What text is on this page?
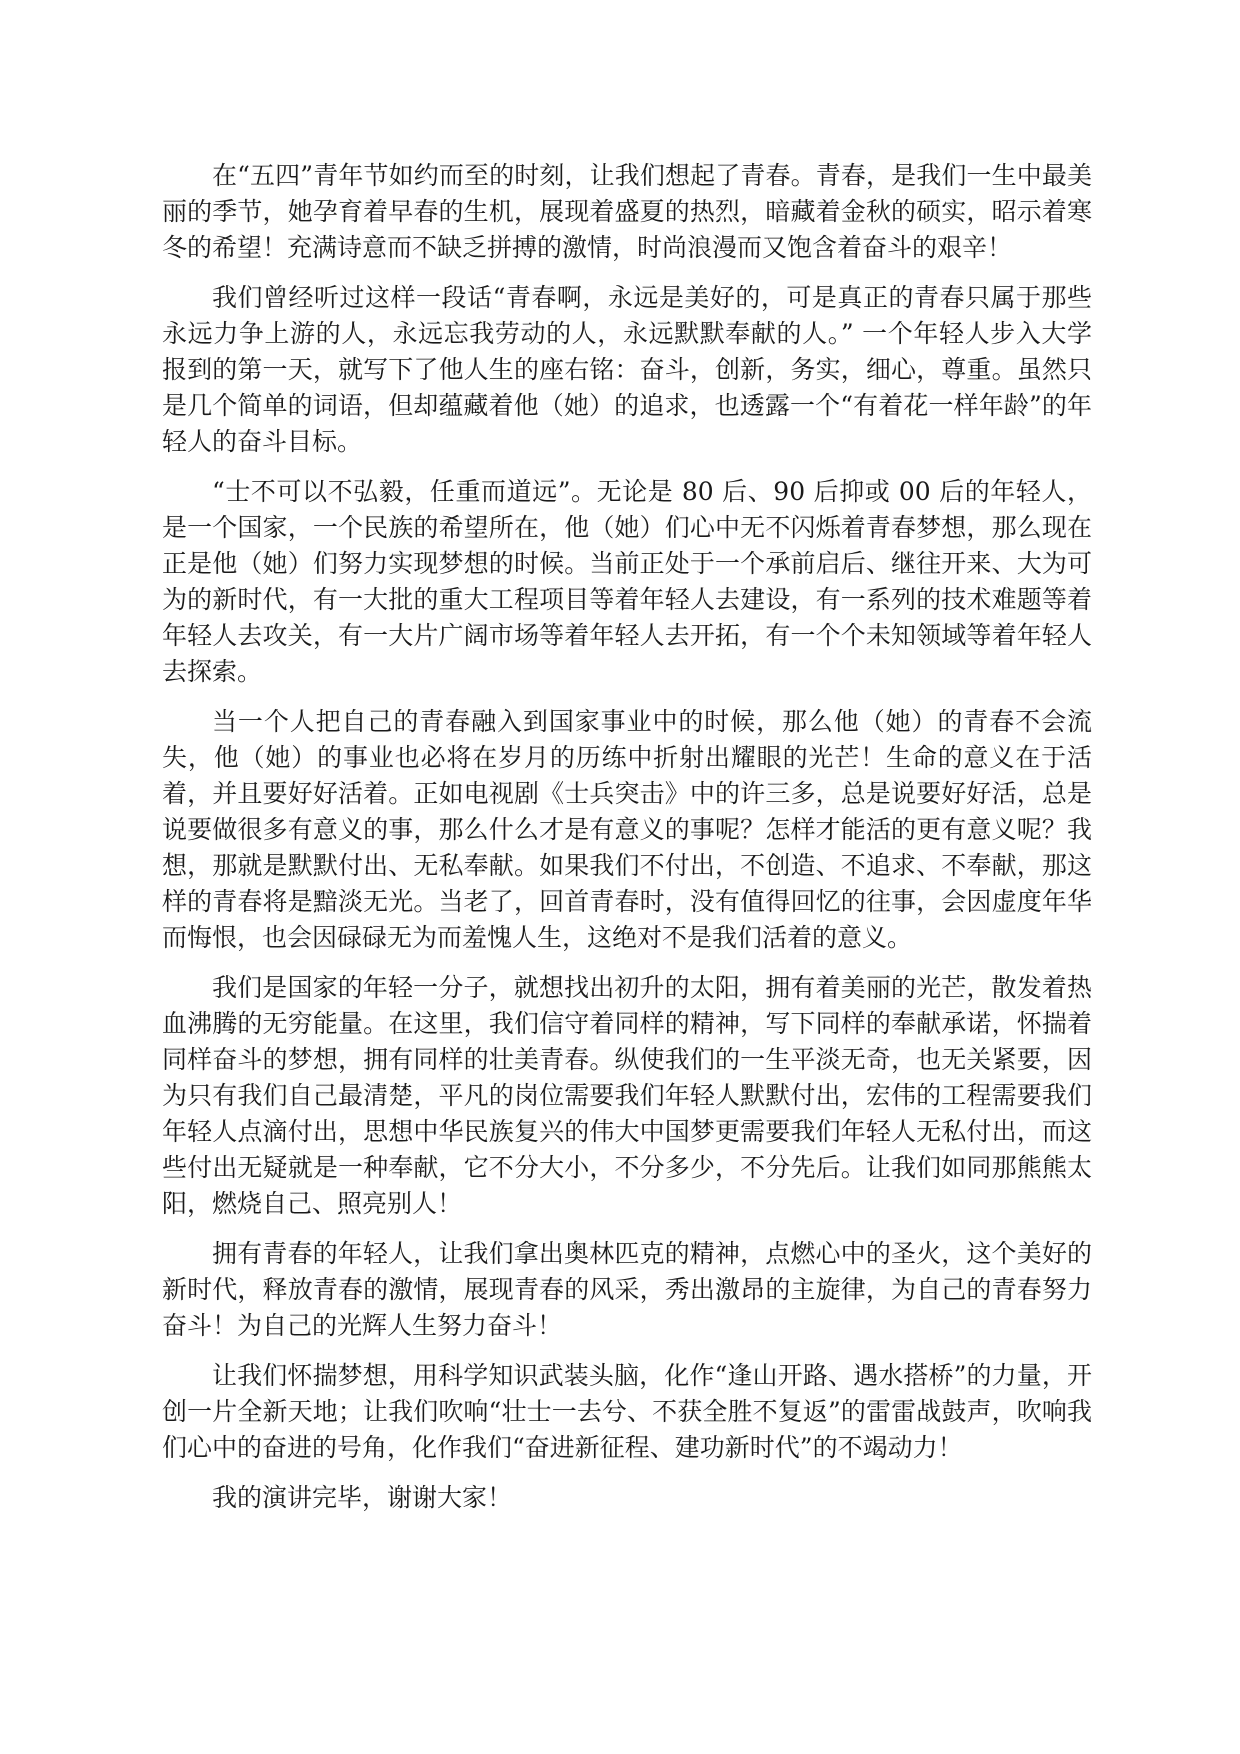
在“五四”青年节如约而至的时刻，让我们想起了青春。青春，是我们一生中最美丽的季节，她孕育着早春的生机，展现着盛夏的热烈，暗藏着金秋的硕实，昭示着寒冬的希望！充满诗意而不缺乏拼搏的激情，时尚浪漫而又饱含着奋斗的艰辛！

我们曾经听过这样一段话“青春啊，永远是美好的，可是真正的青春只属于那些永远力争上游的人，永远忘我劳动的人，永远默默奉献的人。” 一个年轻人步入大学报到的第一天，就写下了他人生的座右铭：奋斗，创新，务实，细心，尊重。虽然只是几个简单的词语，但却蕴藏着他（她）的追求，也透露一个“有着花一样年龄”的年轻人的奋斗目标。

“士不可以不弘毅，任重而道远”。无论是 80 后、90 后抑或 00 后的年轻人，是一个国家，一个民族的希望所在，他（她）们心中无不闪烁着青春梦想，那么现在正是他（她）们努力实现梦想的时候。当前正处于一个承前启后、继往开来、大为可为的新时代，有一大批的重大工程项目等着年轻人去建设，有一系列的技术难题等着年轻人去攻关，有一大片广阔市场等着年轻人去开拓，有一个个未知领域等着年轻人去探索。

当一个人把自己的青春融入到国家事业中的时候，那么他（她）的青春不会流失，他（她）的事业也必将在岁月的历练中折射出耀眼的光芒！生命的意义在于活着，并且要好好活着。正如电视剧《士兵突击》中的许三多，总是说要好好活，总是说要做很多有意义的事，那么什么才是有意义的事呢？怎样才能活的更有意义呢？我想，那就是默默付出、无私奉献。如果我们不付出，不创造、不追求、不奉献，那这样的青春将是黯淡无光。当老了，回首青春时，没有值得回忆的往事，会因虚度年华而悔恨，也会因碌碌无为而羞愧人生，这绝对不是我们活着的意义。

我们是国家的年轻一分子，就想找出初升的太阳，拥有着美丽的光芒，散发着热血沸腾的无穷能量。在这里，我们信守着同样的精神，写下同样的奉献承诺，怀揣着同样奋斗的梦想，拥有同样的壮美青春。纵使我们的一生平淡无奇，也无关紧要，因为只有我们自己最清楚，平凡的岗位需要我们年轻人默默付出，宏伟的工程需要我们年轻人点滴付出，思想中华民族复兴的伟大中国梦更需要我们年轻人无私付出，而这些付出无疑就是一种奉献，它不分大小，不分多少，不分先后。让我们如同那熊熊太阳，燃烧自己、照亮别人！

拥有青春的年轻人，让我们拿出奥林匹克的精神，点燃心中的圣火，这个美好的新时代，释放青春的激情，展现青春的风采，秀出激昂的主旋律，为自己的青春努力奋斗！为自己的光辉人生努力奋斗！

让我们怀揣梦想，用科学知识武装头脑，化作“逢山开路、遇水搭桥”的力量，开创一片全新天地；让我们吹响“壮士一去兮、不获全胜不复返”的雷雷战鼓声，吹响我们心中的奋进的号角，化作我们“奋进新征程、建功新时代”的不竭动力！

我的演讲完毕，谢谢大家！
